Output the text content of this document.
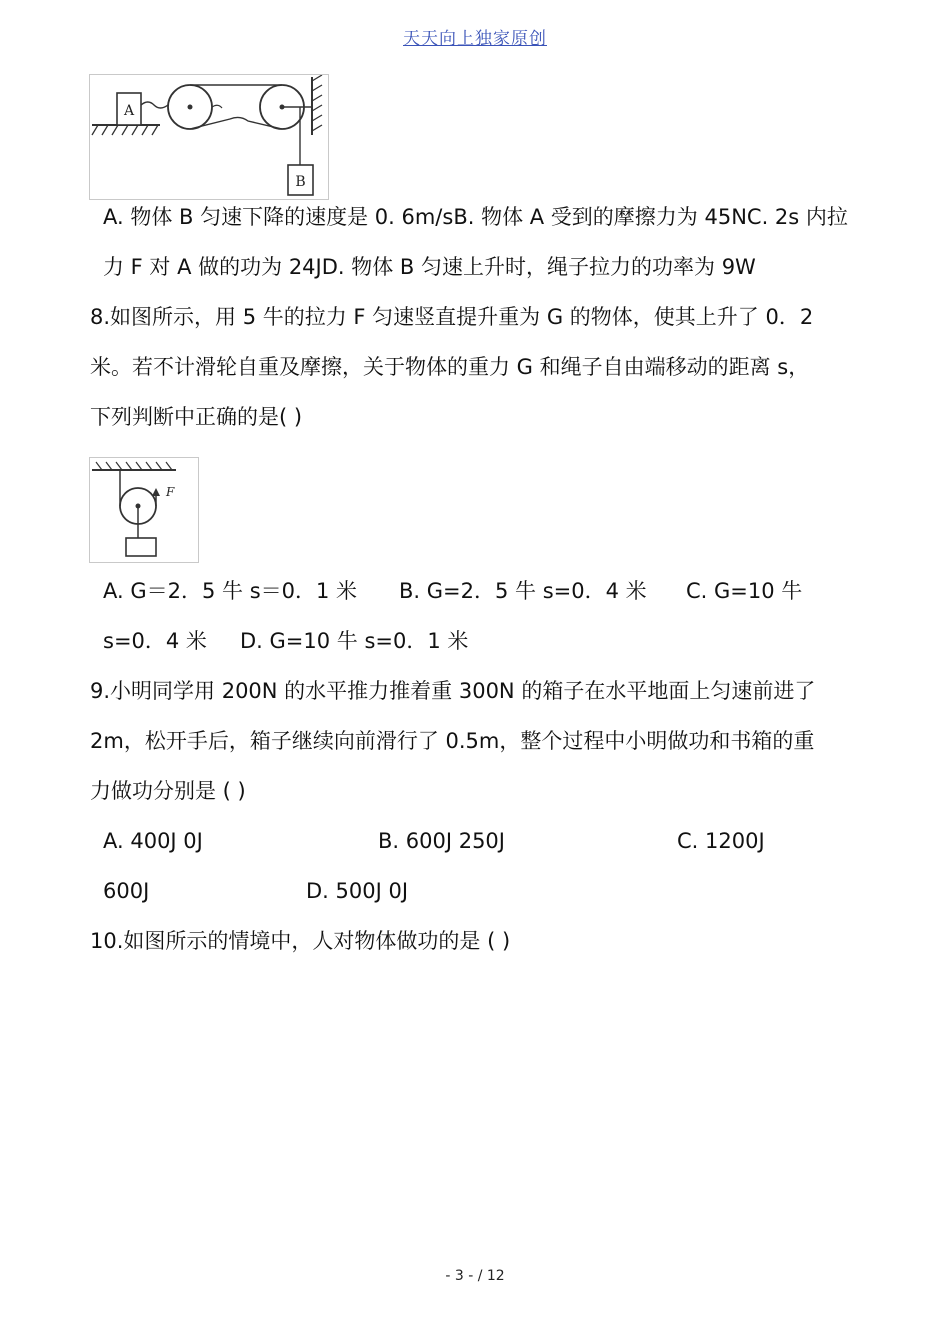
天天向上独家原创
A
B
A. 物体 B 匀速下降的速度是 0. 6m/sB. 物体 A 受到的摩擦力为 45NC. 2s 内拉
力 F 对 A 做的功为 24JD. 物体 B 匀速上升时，绳子拉力的功率为 9W
8.如图所示，用 5 牛的拉力 F 匀速竖直提升重为 G 的物体，使其上升了 0．2
米。若不计滑轮自重及摩擦，关于物体的重力 G 和绳子自由端移动的距离 s，
下列判断中正确的是( )
F
A. G＝2．5 牛 s＝0．1 米 B. G=2．5 牛 s=0．4 米 C. G=10 牛
s=0．4 米 D. G=10 牛 s=0．1 米
9.小明同学用 200N 的水平推力推着重 300N 的箱子在水平地面上匀速前进了
2m，松开手后，箱子继续向前滑行了 0.5m，整个过程中小明做功和书箱的重
力做功分别是 ( )
A. 400J 0J	B. 600J 250J	C. 1200J
600J	D. 500J 0J
10.如图所示的情境中，人对物体做功的是 ( )
- 3 - / 12
